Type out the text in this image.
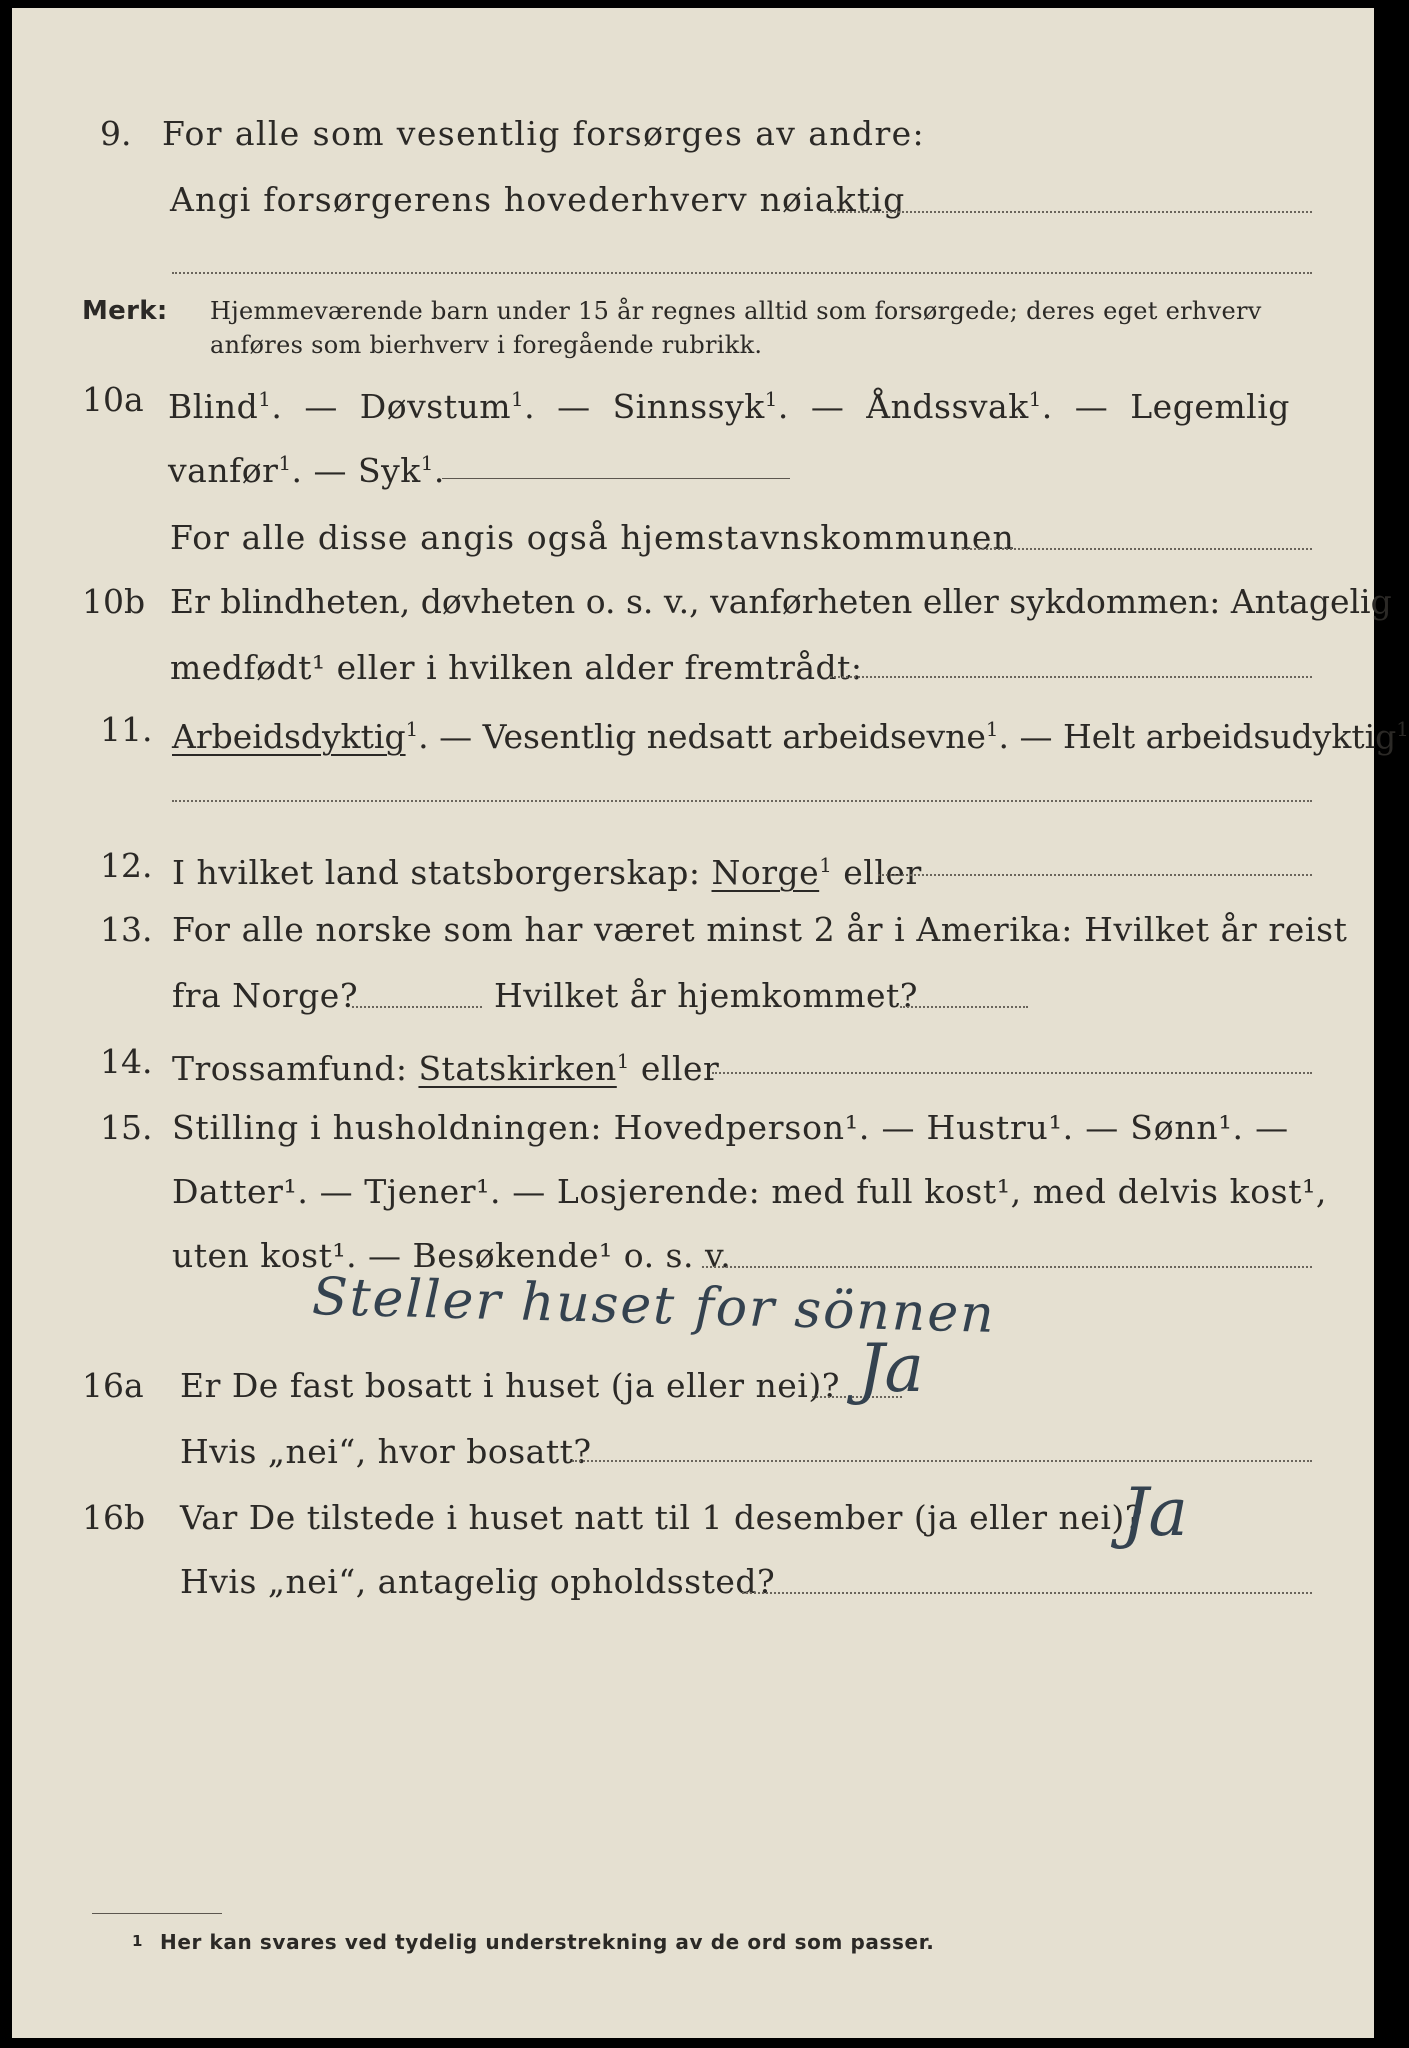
9. For alle som vesentlig forsørges av andre:
Angi forsørgerens hovederhverv nøiaktig
Merk: Hjemmeværende barn under 15 år regnes alltid som forsørgede; deres eget erhverv
anføres som bierhverv i foregående rubrikk.
10a Blind$^1$.  —  Døvstum$^1$.  —  Sinnssyk$^1$.  —  Åndssvak$^1$.  —  Legemlig
vanfør$^1$. — Syk$^1$.
For alle disse angis også hjemstavnskommunen
10b Er blindheten, døvheten o. s. v., vanførheten eller sykdommen: Antagelig
medfødt¹ eller i hvilken alder fremtrådt:
11. Arbeidsdyktig$^1$. — Vesentlig nedsatt arbeidsevne$^1$. — Helt arbeidsudyktig$^1$
12. I hvilket land statsborgerskap: Norge$^1$ eller
13. For alle norske som har været minst 2 år i Amerika: Hvilket år reist
fra Norge?	Hvilket år hjemkommet?
14. Trossamfund: Statskirken$^1$ eller
15. Stilling i husholdningen: Hovedperson¹. — Hustru¹. — Sønn¹. —
Datter¹. — Tjener¹. — Losjerende: med full kost¹, med delvis kost¹,
uten kost¹. — Besøkende¹ o. s. v.
Steller huset for sönnen
16a Er De fast bosatt i huset (ja eller nei)? Ja
Hvis „nei“, hvor bosatt?
16b Var De tilstede i huset natt til 1 desember (ja eller nei)?
Ja
Hvis „nei“, antagelig opholdssted?
1 Her kan svares ved tydelig understrekning av de ord som passer.
